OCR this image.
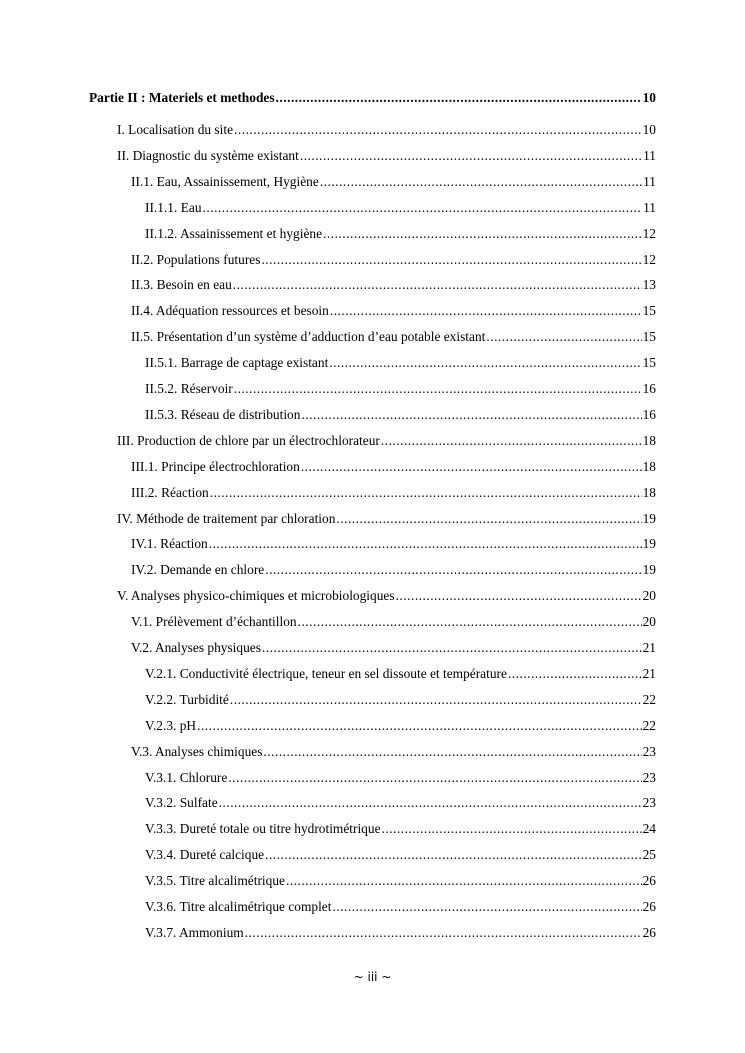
Partie II : Materiels et methodes .....	10
I. Localisation du site .....	10
II. Diagnostic du système existant .....	11
II.1. Eau, Assainissement, Hygiène .....	11
II.1.1. Eau .....	11
II.1.2. Assainissement et hygiène .....	12
II.2. Populations futures .....	12
II.3. Besoin en eau .....	13
II.4. Adéquation ressources et besoin .....	15
II.5. Présentation d’un système d’adduction d’eau potable existant .....	15
II.5.1. Barrage de captage existant .....	15
II.5.2. Réservoir .....	16
II.5.3. Réseau de distribution .....	16
III. Production de chlore par un électrochlorateur .....	18
III.1. Principe électrochloration .....	18
III.2. Réaction .....	18
IV. Méthode de traitement par chloration .....	19
IV.1. Réaction .....	19
IV.2. Demande en chlore .....	19
V. Analyses physico-chimiques et microbiologiques .....	20
V.1. Prélèvement d’échantillon .....	20
V.2. Analyses physiques .....	21
V.2.1. Conductivité électrique, teneur en sel dissoute et température .....	21
V.2.2. Turbidité .....	22
V.2.3. pH .....	22
V.3. Analyses chimiques .....	23
V.3.1. Chlorure .....	23
V.3.2. Sulfate .....	23
V.3.3. Dureté totale ou titre hydrotimétrique .....	24
V.3.4. Dureté calcique .....	25
V.3.5. Titre alcalimétrique .....	26
V.3.6. Titre alcalimétrique complet .....	26
V.3.7. Ammonium .....	26
~ iii ~
